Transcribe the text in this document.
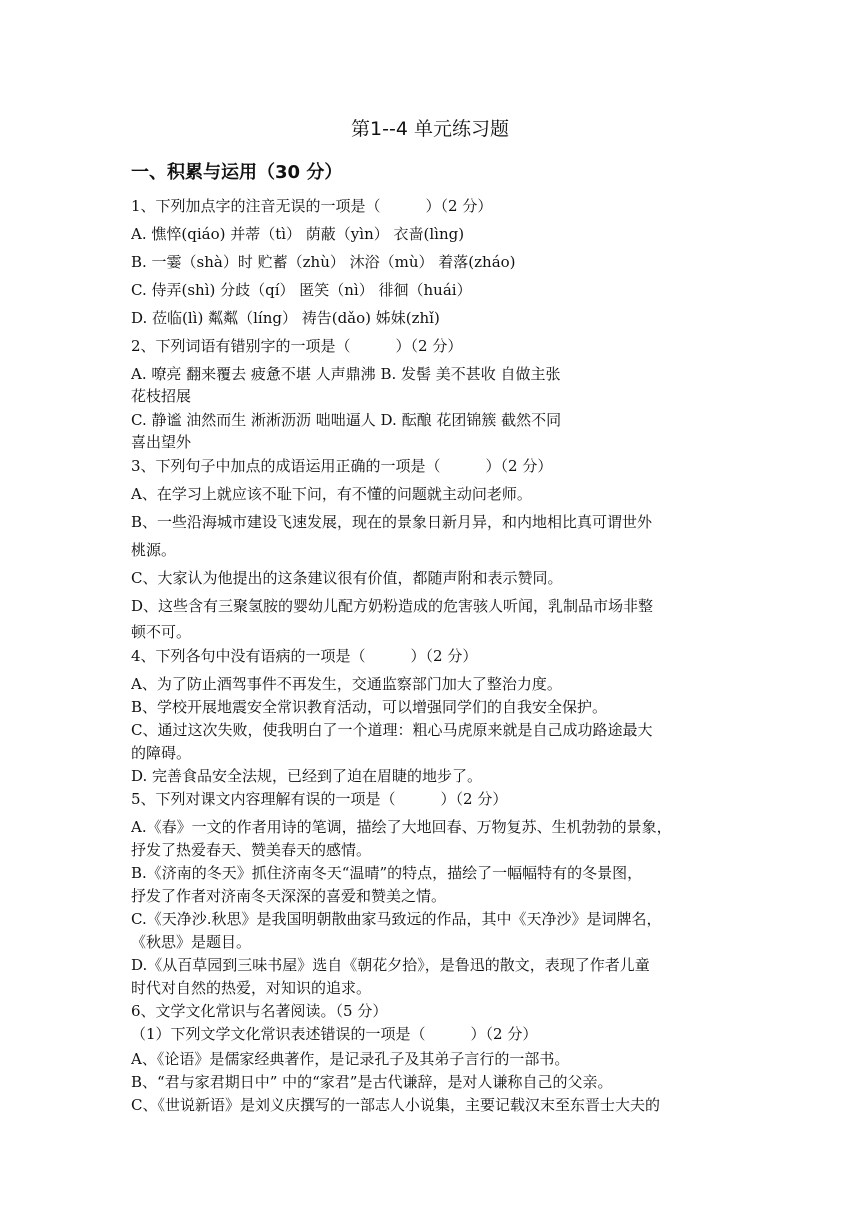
第1--4 单元练习题
一、积累与运用（30 分）
1、下列加点字的注音无误的一项是（　　　）（2 分）
A. 憔悴(qiáo) 并蒂（tì） 荫蔽（yìn） 衣啬(lìng)
B. 一霎（shà）时 贮蓄（zhù） 沐浴（mù） 着落(zháo)
C. 侍弄(shì) 分歧（qí） 匿笑（nì） 徘徊（huái）
D. 莅临(lì) 粼粼（líng） 祷告(dǎo) 姊妹(zhǐ)
2、下列词语有错别字的一项是（　　　）（2 分）
A. 嘹亮 翻来覆去 疲惫不堪 人声鼎沸 B. 发髻 美不甚收 自做主张
花枝招展
C. 静谧 油然而生 淅淅沥沥 咄咄逼人 D. 酝酿 花团锦簇 截然不同
喜出望外
3、下列句子中加点的成语运用正确的一项是（　　　）（2 分）
A、在学习上就应该不耻下问，有不懂的问题就主动问老师。
B、一些沿海城市建设飞速发展，现在的景象日新月异，和内地相比真可谓世外
桃源。
C、大家认为他提出的这条建议很有价值，都随声附和表示赞同。
D、这些含有三聚氢胺的婴幼儿配方奶粉造成的危害骇人听闻，乳制品市场非整
顿不可。
4、下列各句中没有语病的一项是（　　　）（2 分）
A、为了防止酒驾事件不再发生，交通监察部门加大了整治力度。
B、学校开展地震安全常识教育活动，可以增强同学们的自我安全保护。
C、通过这次失败，使我明白了一个道理：粗心马虎原来就是自己成功路途最大
的障碍。
D. 完善食品安全法规，已经到了迫在眉睫的地步了。
5、下列对课文内容理解有误的一项是（　　　）（2 分）
A.《春》一文的作者用诗的笔调，描绘了大地回春、万物复苏、生机勃勃的景象，
抒发了热爱春天、赞美春天的感情。
B.《济南的冬天》抓住济南冬天“温晴”的特点，描绘了一幅幅特有的冬景图，
抒发了作者对济南冬天深深的喜爱和赞美之情。
C.《天净沙.秋思》是我国明朝散曲家马致远的作品，其中《天净沙》是词牌名，
《秋思》是题目。
D.《从百草园到三味书屋》选自《朝花夕拾》，是鲁迅的散文，表现了作者儿童
时代对自然的热爱，对知识的追求。
6、文学文化常识与名著阅读。（5 分）
（1）下列文学文化常识表述错误的一项是（　　　）（2 分）
A、《论语》是儒家经典著作，是记录孔子及其弟子言行的一部书。
B、“君与家君期日中” 中的“家君”是古代谦辞，是对人谦称自己的父亲。
C、《世说新语》是刘义庆撰写的一部志人小说集，主要记载汉末至东晋士大夫的
